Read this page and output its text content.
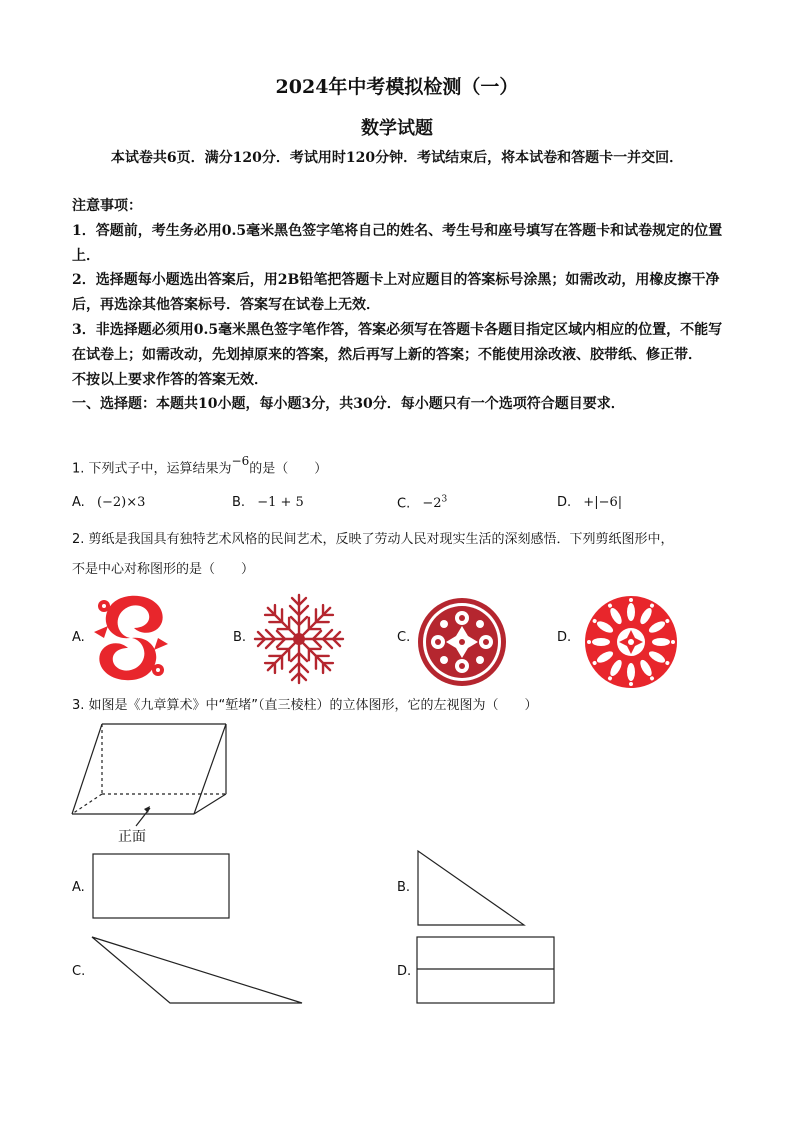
2024年中考模拟检测（一）
数学试题
本试卷共6页．满分120分．考试用时120分钟．考试结束后，将本试卷和答题卡一并交回．

注意事项：

1．答题前，考生务必用0.5毫米黑色签字笔将自己的姓名、考生号和座号填写在答题卡和试卷规定的位置上．

2．选择题每小题选出答案后，用2B铅笔把答题卡上对应题目的答案标号涂黑；如需改动，用橡皮擦干净后，再选涂其他答案标号．答案写在试卷上无效．

3．非选择题必须用0.5毫米黑色签字笔作答，答案必须写在答题卡各题目指定区域内相应的位置，不能写在试卷上；如需改动，先划掉原来的答案，然后再写上新的答案；不能使用涂改液、胶带纸、修正带．

不按以上要求作答的答案无效．

一、选择题：本题共10小题，每小题3分，共30分．每小题只有一个选项符合题目要求．

1. 下列式子中，运算结果为$^{-6}$的是（　　）
A. (−2)×3	B. −1 + 5	C. $-2^3$	D. +|−6|
2. 剪纸是我国具有独特艺术风格的民间艺术，反映了劳动人民对现实生活的深刻感悟．下列剪纸图形中，
不是中心对称图形的是（　　）
A.	B.	C.	D.
3. 如图是《九章算术》中“堑堵”（直三棱柱）的立体图形，它的左视图为（　　）
正面
A.	B.
C.	D.
